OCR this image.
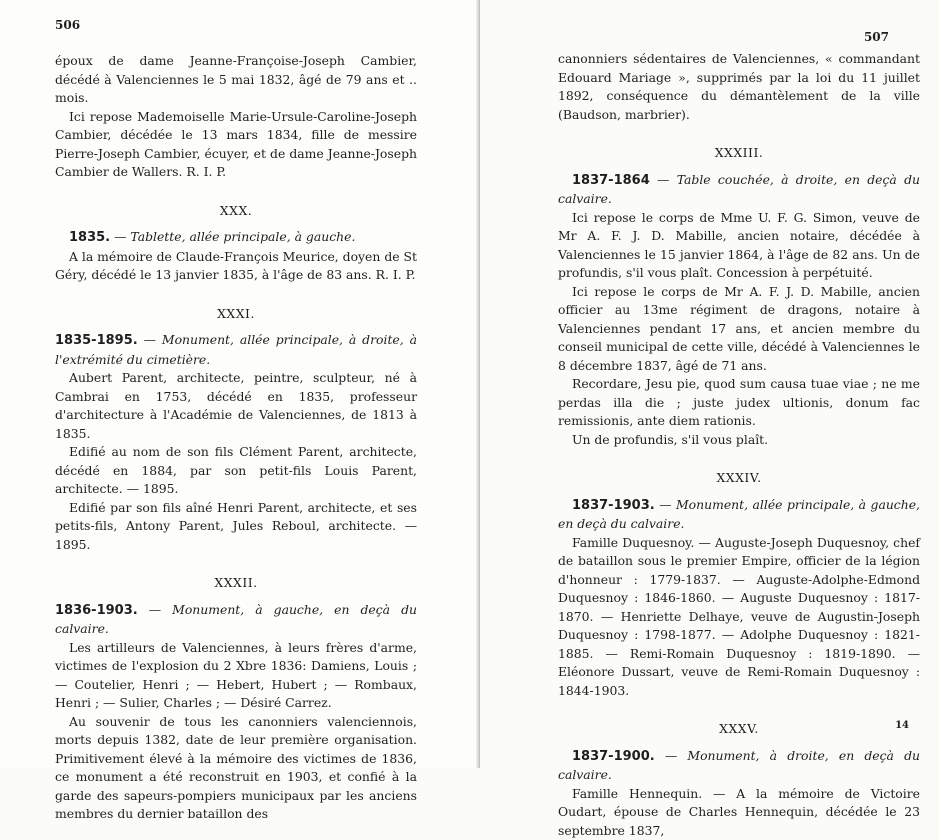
506

époux de dame Jeanne-Françoise-Joseph Cambier, décédé à Valenciennes le 5 mai 1832, âgé de 79 ans et .. mois.

Ici repose Mademoiselle Marie-Ursule-Caroline-Joseph Cambier, décédée le 13 mars 1834, fille de messire Pierre-Joseph Cambier, écuyer, et de dame Jeanne-Joseph Cambier de Wallers. R. I. P.

XXX.

1835. — Tablette, allée principale, à gauche.

A la mémoire de Claude-François Meurice, doyen de St Géry, décédé le 13 janvier 1835, à l'âge de 83 ans. R. I. P.

XXXI.

1835-1895. — Monument, allée principale, à droite, à l'extrémité du cimetière.

Aubert Parent, architecte, peintre, sculpteur, né à Cambrai en 1753, décédé en 1835, professeur d'architecture à l'Académie de Valenciennes, de 1813 à 1835.

Edifié au nom de son fils Clément Parent, architecte, décédé en 1884, par son petit-fils Louis Parent, architecte. — 1895.

Edifié par son fils aîné Henri Parent, architecte, et ses petits-fils, Antony Parent, Jules Reboul, architecte. — 1895.

XXXII.

1836-1903. — Monument, à gauche, en deçà du calvaire.

Les artilleurs de Valenciennes, à leurs frères d'arme, victimes de l'explosion du 2 Xbre 1836: Damiens, Louis ; — Coutelier, Henri ; — Hebert, Hubert ; — Rombaux, Henri ; — Sulier, Charles ; — Désiré Carrez.

Au souvenir de tous les canonniers valenciennois, morts depuis 1382, date de leur première organisation. Primitivement élevé à la mémoire des victimes de 1836, ce monument a été reconstruit en 1903, et confié à la garde des sapeurs-pompiers municipaux par les anciens membres du dernier bataillon des

507

canonniers sédentaires de Valenciennes, « commandant Edouard Mariage », supprimés par la loi du 11 juillet 1892, conséquence du démantèlement de la ville (Baudson, marbrier).

XXXIII.

1837-1864 — Table couchée, à droite, en deçà du calvaire.

Ici repose le corps de Mme U. F. G. Simon, veuve de Mr A. F. J. D. Mabille, ancien notaire, décédée à Valenciennes le 15 janvier 1864, à l'âge de 82 ans. Un de profundis, s'il vous plaît. Concession à perpétuité.

Ici repose le corps de Mr A. F. J. D. Mabille, ancien officier au 13me régiment de dragons, notaire à Valenciennes pendant 17 ans, et ancien membre du conseil municipal de cette ville, décédé à Valenciennes le 8 décembre 1837, âgé de 71 ans.

Recordare, Jesu pie, quod sum causa tuae viae ; ne me perdas illa die ; juste judex ultionis, donum fac remissionis, ante diem rationis.

Un de profundis, s'il vous plaît.

XXXIV.

1837-1903. — Monument, allée principale, à gauche, en deçà du calvaire.

Famille Duquesnoy. — Auguste-Joseph Duquesnoy, chef de bataillon sous le premier Empire, officier de la légion d'honneur : 1779-1837. — Auguste-Adolphe-Edmond Duquesnoy : 1846-1860. — Auguste Duquesnoy : 1817-1870. — Henriette Delhaye, veuve de Augustin-Joseph Duquesnoy : 1798-1877. — Adolphe Duquesnoy : 1821-1885. — Remi-Romain Duquesnoy : 1819-1890. — Eléonore Dussart, veuve de Remi-Romain Duquesnoy : 1844-1903.

XXXV.

1837-1900. — Monument, à droite, en deçà du calvaire.

Famille Hennequin. — A la mémoire de Victoire Oudart, épouse de Charles Hennequin, décédée le 23 septembre 1837,

14
